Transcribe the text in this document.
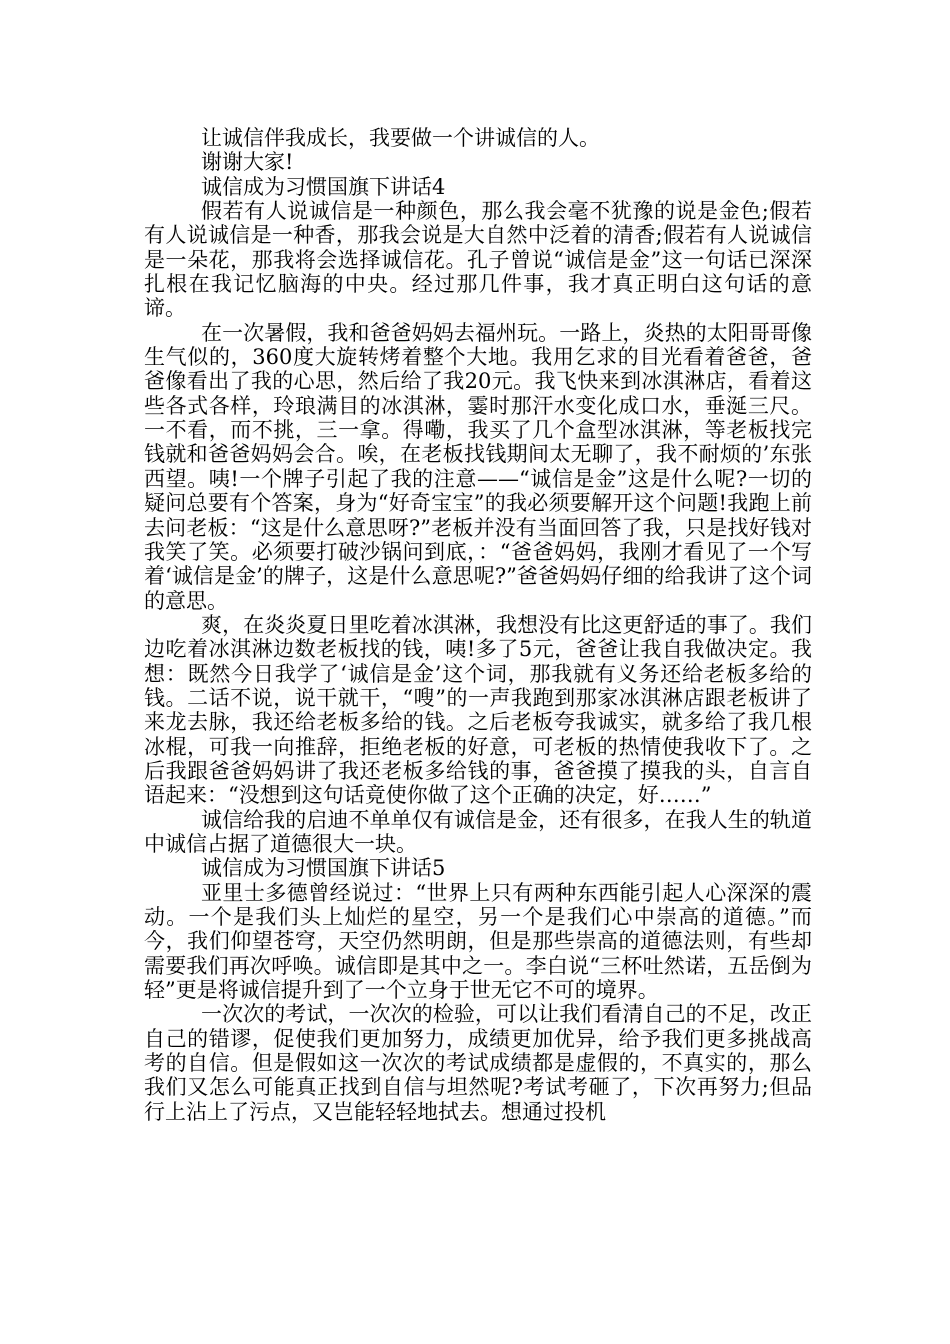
让诚信伴我成长，我要做一个讲诚信的人。

谢谢大家!

诚信成为习惯国旗下讲话4

假若有人说诚信是一种颜色，那么我会毫不犹豫的说是金色;假若有人说诚信是一种香，那我会说是大自然中泛着的清香;假若有人说诚信是一朵花，那我将会选择诚信花。孔子曾说“诚信是金”这一句话已深深扎根在我记忆脑海的中央。经过那几件事，我才真正明白这句话的意谛。

在一次暑假，我和爸爸妈妈去福州玩。一路上，炎热的太阳哥哥像生气似的，360度大旋转烤着整个大地。我用乞求的目光看着爸爸，爸爸像看出了我的心思，然后给了我20元。我飞快来到冰淇淋店，看着这些各式各样，玲琅满目的冰淇淋，霎时那汗水变化成口水，垂涎三尺。一不看，而不挑，三一拿。得嘞，我买了几个盒型冰淇淋，等老板找完钱就和爸爸妈妈会合。唉，在老板找钱期间太无聊了，我不耐烦的’东张西望。咦!一个牌子引起了我的注意——“诚信是金”这是什么呢?一切的疑问总要有个答案，身为“好奇宝宝”的我必须要解开这个问题!我跑上前去问老板：“这是什么意思呀?”老板并没有当面回答了我，只是找好钱对我笑了笑。必须要打破沙锅问到底，：“爸爸妈妈，我刚才看见了一个写着‘诚信是金’的牌子，这是什么意思呢?”爸爸妈妈仔细的给我讲了这个词的意思。

爽，在炎炎夏日里吃着冰淇淋，我想没有比这更舒适的事了。我们边吃着冰淇淋边数老板找的钱，咦!多了5元，爸爸让我自我做决定。我想：既然今日我学了‘诚信是金’这个词，那我就有义务还给老板多给的钱。二话不说，说干就干，“嗖”的一声我跑到那家冰淇淋店跟老板讲了来龙去脉，我还给老板多给的钱。之后老板夸我诚实，就多给了我几根冰棍，可我一向推辞，拒绝老板的好意，可老板的热情使我收下了。之后我跟爸爸妈妈讲了我还老板多给钱的事，爸爸摸了摸我的头，自言自语起来：“没想到这句话竟使你做了这个正确的决定，好……”

诚信给我的启迪不单单仅有诚信是金，还有很多，在我人生的轨道中诚信占据了道德很大一块。

诚信成为习惯国旗下讲话5

亚里士多德曾经说过：“世界上只有两种东西能引起人心深深的震动。一个是我们头上灿烂的星空，另一个是我们心中崇高的道德。”而今，我们仰望苍穹，天空仍然明朗，但是那些崇高的道德法则，有些却需要我们再次呼唤。诚信即是其中之一。李白说“三杯吐然诺，五岳倒为轻”更是将诚信提升到了一个立身于世无它不可的境界。

一次次的考试，一次次的检验，可以让我们看清自己的不足，改正自己的错谬，促使我们更加努力，成绩更加优异，给予我们更多挑战高考的自信。但是假如这一次次的考试成绩都是虚假的，不真实的，那么我们又怎么可能真正找到自信与坦然呢?考试考砸了，下次再努力;但品行上沾上了污点，又岂能轻轻地拭去。想通过投机
